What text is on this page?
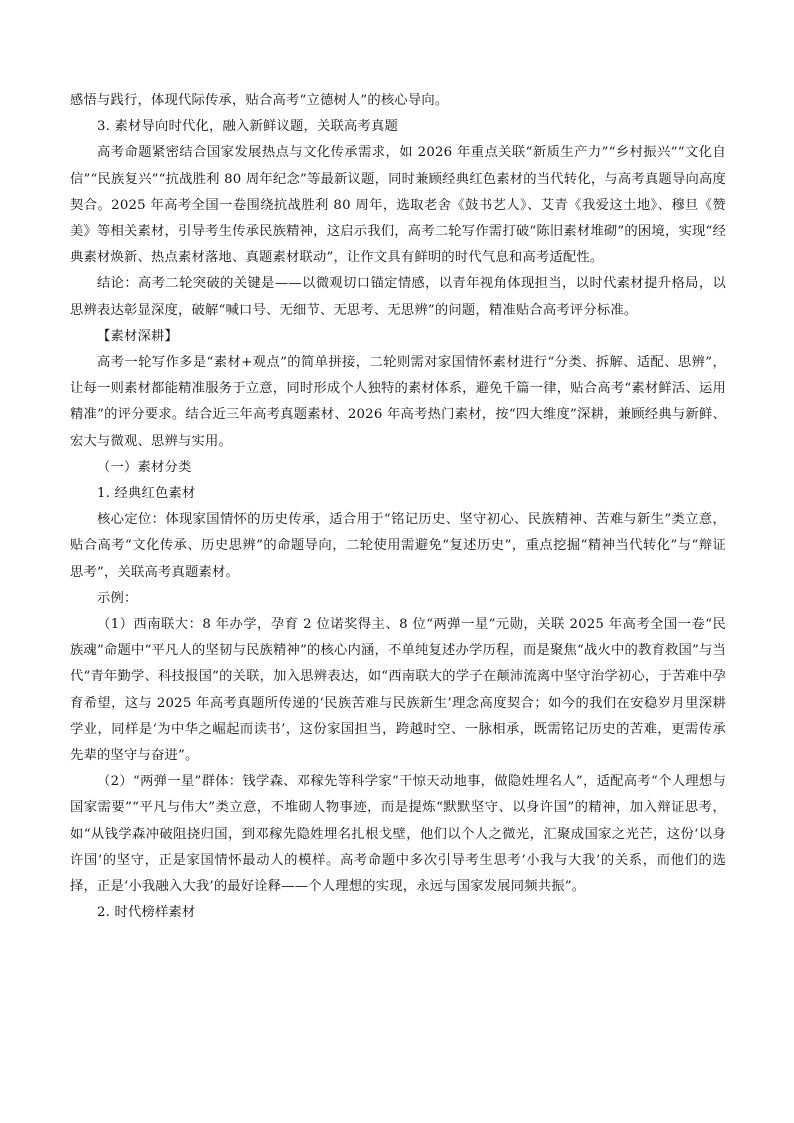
感悟与践行，体现代际传承，贴合高考“立德树人”的核心导向。

3. 素材导向时代化，融入新鲜议题，关联高考真题

高考命题紧密结合国家发展热点与文化传承需求，如 2026 年重点关联“新质生产力”“乡村振兴”“文化自信”“民族复兴”“抗战胜利 80 周年纪念”等最新议题，同时兼顾经典红色素材的当代转化，与高考真题导向高度契合。2025 年高考全国一卷围绕抗战胜利 80 周年，选取老舍《鼓书艺人》、艾青《我爱这土地》、穆旦《赞美》等相关素材，引导考生传承民族精神，这启示我们，高考二轮写作需打破“陈旧素材堆砌”的困境，实现“经典素材焕新、热点素材落地、真题素材联动”，让作文具有鲜明的时代气息和高考适配性。

结论：高考二轮突破的关键是——以微观切口锚定情感，以青年视角体现担当，以时代素材提升格局，以思辨表达彰显深度，破解“喊口号、无细节、无思考、无思辨”的问题，精准贴合高考评分标准。

【素材深耕】

高考一轮写作多是“素材+观点”的简单拼接，二轮则需对家国情怀素材进行“分类、拆解、适配、思辨”，让每一则素材都能精准服务于立意，同时形成个人独特的素材体系，避免千篇一律，贴合高考“素材鲜活、运用精准”的评分要求。结合近三年高考真题素材、2026 年高考热门素材，按“四大维度”深耕，兼顾经典与新鲜、宏大与微观、思辨与实用。

（一）素材分类

1. 经典红色素材

核心定位：体现家国情怀的历史传承，适合用于“铭记历史、坚守初心、民族精神、苦难与新生”类立意，贴合高考“文化传承、历史思辨”的命题导向，二轮使用需避免“复述历史”，重点挖掘“精神当代转化”与“辩证思考”，关联高考真题素材。

示例：

（1）西南联大：8 年办学，孕育 2 位诺奖得主、8 位“两弹一星”元勋，关联 2025 年高考全国一卷“民族魂”命题中“平凡人的坚韧与民族精神”的核心内涵，不单纯复述办学历程，而是聚焦“战火中的教育救国”与当代“青年勤学、科技报国”的关联，加入思辨表达，如“西南联大的学子在颠沛流离中坚守治学初心，于苦难中孕育希望，这与 2025 年高考真题所传递的‘民族苦难与民族新生’理念高度契合；如今的我们在安稳岁月里深耕学业，同样是‘为中华之崛起而读书’，这份家国担当，跨越时空、一脉相承，既需铭记历史的苦难，更需传承先辈的坚守与奋进”。

（2）“两弹一星”群体：钱学森、邓稼先等科学家“干惊天动地事，做隐姓埋名人”，适配高考“个人理想与国家需要”“平凡与伟大”类立意，不堆砌人物事迹，而是提炼“默默坚守、以身许国”的精神，加入辩证思考，如“从钱学森冲破阻挠归国，到邓稼先隐姓埋名扎根戈壁，他们以个人之微光，汇聚成国家之光芒，这份‘以身许国’的坚守，正是家国情怀最动人的模样。高考命题中多次引导考生思考‘小我与大我’的关系，而他们的选择，正是‘小我融入大我’的最好诠释——个人理想的实现，永远与国家发展同频共振”。

2. 时代榜样素材
